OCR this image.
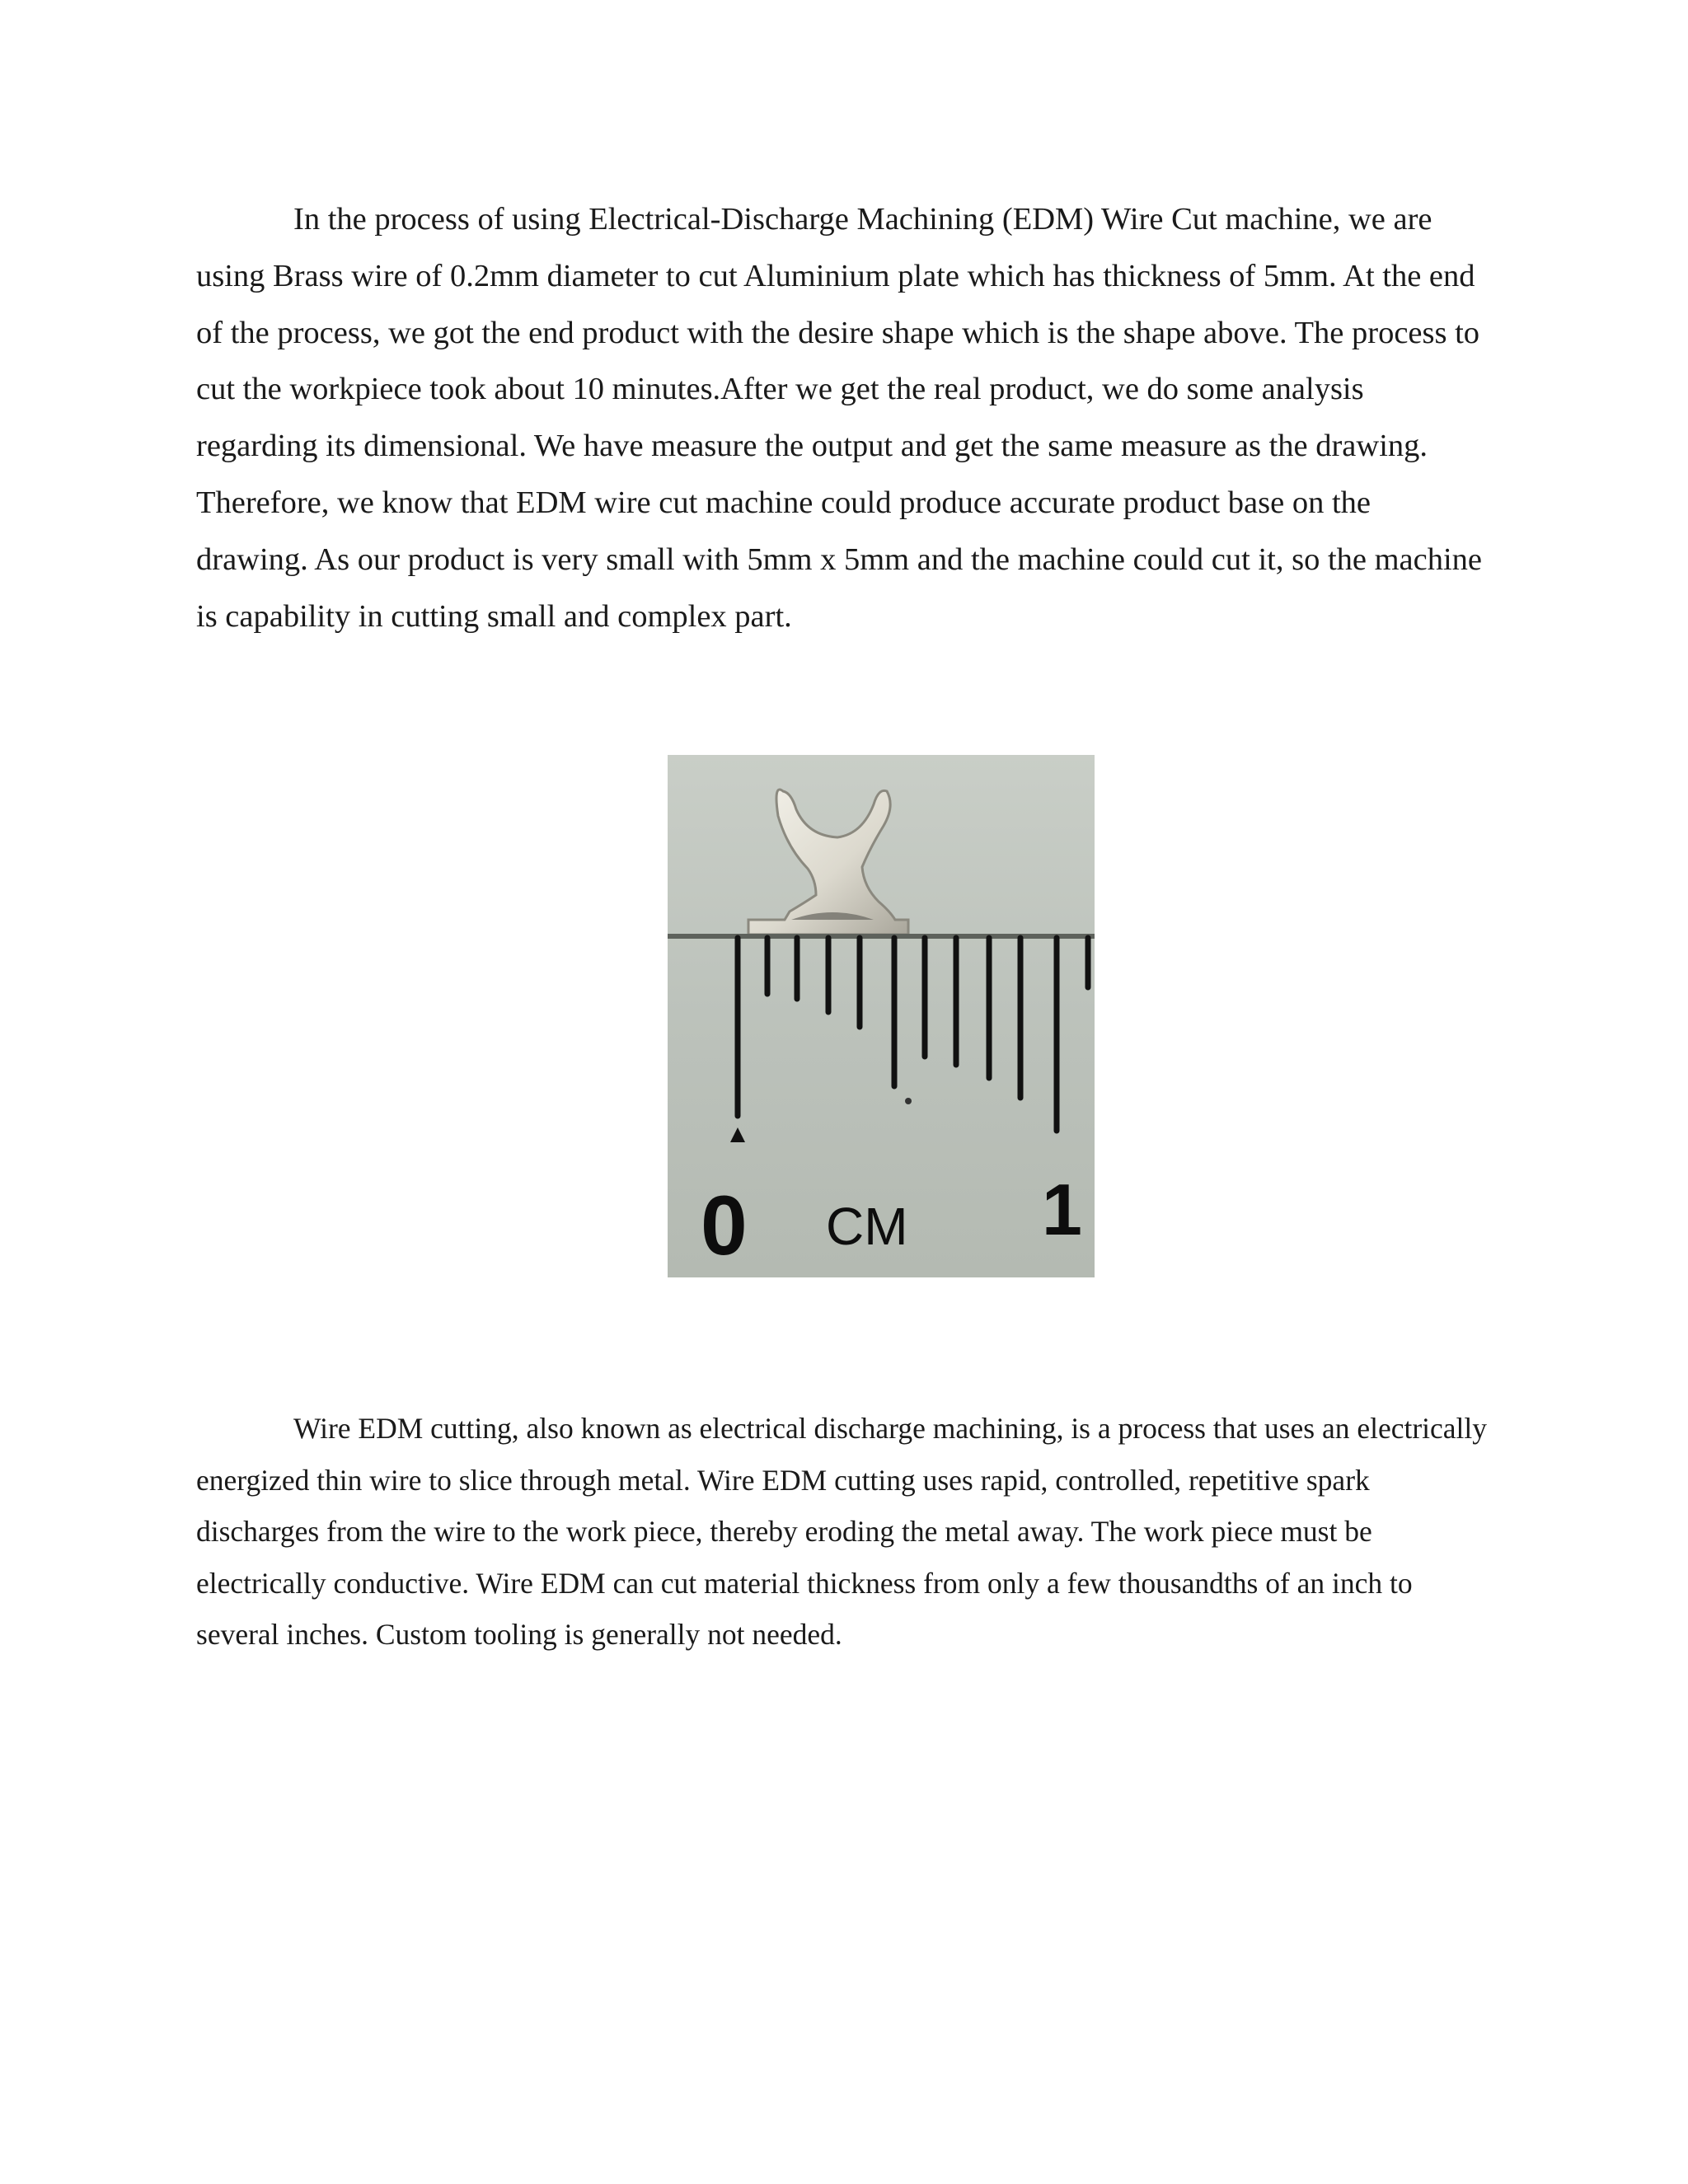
In the process of using Electrical-Discharge Machining (EDM) Wire Cut machine, we are using Brass wire of 0.2mm diameter to cut Aluminium plate which has thickness of 5mm. At the end of the process, we got the end product with the desire shape which is the shape above. The process to cut the workpiece took about 10 minutes.After we get the real product, we do some analysis regarding its dimensional. We have measure the output and get the same measure as the drawing. Therefore, we know that EDM wire cut machine could produce accurate product base on the drawing. As our product is very small with 5mm x 5mm and the machine could cut it, so the machine is capability in cutting small and complex part.

0 CM 1

Wire EDM cutting, also known as electrical discharge machining, is a process that uses an electrically energized thin wire to slice through metal. Wire EDM cutting uses rapid, controlled, repetitive spark discharges from the wire to the work piece, thereby eroding the metal away. The work piece must be electrically conductive. Wire EDM can cut material thickness from only a few thousandths of an inch to several inches. Custom tooling is generally not needed.
